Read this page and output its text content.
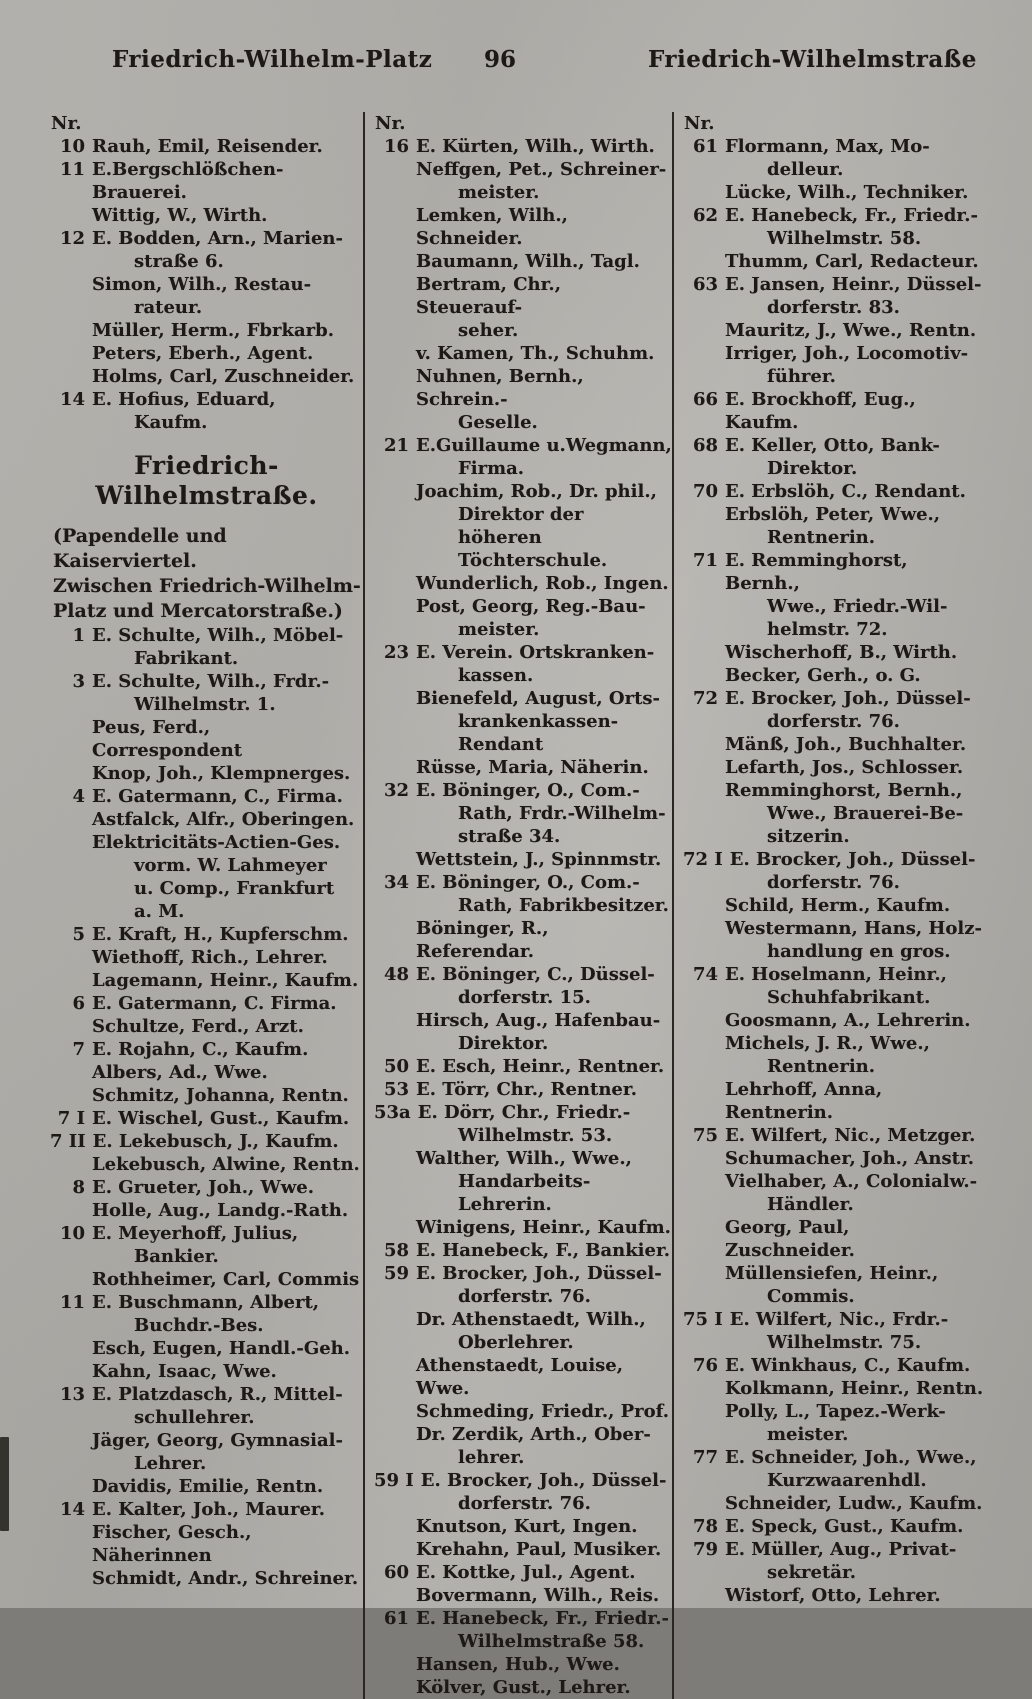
Friedrich-Wilhelm-Platz	96	Friedrich-Wilhelmstraße
Nr.
10 Rauh, Emil, Reisender.
11 E.Bergschlößchen-Brauerei.
Wittig, W., Wirth.
12 E. Bodden, Arn., Marien-
straße 6.
Simon, Wilh., Restau-
rateur.
Müller, Herm., Fbrkarb.
Peters, Eberh., Agent.
Holms, Carl, Zuschneider.
14 E. Hofius, Eduard,
Kaufm.
Friedrich-Wilhelmstraße.
(Papendelle und Kaiserviertel.
Zwischen Friedrich-Wilhelm-
Platz und Mercatorstraße.)
1 E. Schulte, Wilh., Möbel-
Fabrikant.
3 E. Schulte, Wilh., Frdr.-
Wilhelmstr. 1.
Peus, Ferd., Correspondent
Knop, Joh., Klempnerges.
4 E. Gatermann, C., Firma.
Astfalck, Alfr., Oberingen.
Elektricitäts-Actien-Ges.
vorm. W. Lahmeyer
u. Comp., Frankfurt
a. M.
5 E. Kraft, H., Kupferschm.
Wiethoff, Rich., Lehrer.
Lagemann, Heinr., Kaufm.
6 E. Gatermann, C. Firma.
Schultze, Ferd., Arzt.
7 E. Rojahn, C., Kaufm.
Albers, Ad., Wwe.
Schmitz, Johanna, Rentn.
7 I E. Wischel, Gust., Kaufm.
7 II E. Lekebusch, J., Kaufm.
Lekebusch, Alwine, Rentn.
8 E. Grueter, Joh., Wwe.
Holle, Aug., Landg.-Rath.
10 E. Meyerhoff, Julius,
Bankier.
Rothheimer, Carl, Commis
11 E. Buschmann, Albert,
Buchdr.-Bes.
Esch, Eugen, Handl.-Geh.
Kahn, Isaac, Wwe.
13 E. Platzdasch, R., Mittel-
schullehrer.
Jäger, Georg, Gymnasial-
Lehrer.
Davidis, Emilie, Rentn.
14 E. Kalter, Joh., Maurer.
Fischer, Gesch., Näherinnen
Schmidt, Andr., Schreiner.
Nr.
16 E. Kürten, Wilh., Wirth.
Neffgen, Pet., Schreiner-
meister.
Lemken, Wilh., Schneider.
Baumann, Wilh., Tagl.
Bertram, Chr., Steuerauf-
seher.
v. Kamen, Th., Schuhm.
Nuhnen, Bernh., Schrein.-
Geselle.
21 E.Guillaume u.Wegmann,
Firma.
Joachim, Rob., Dr. phil.,
Direktor der höheren
Töchterschule.
Wunderlich, Rob., Ingen.
Post, Georg, Reg.-Bau-
meister.
23 E. Verein. Ortskranken-
kassen.
Bienefeld, August, Orts-
krankenkassen-Rendant
Rüsse, Maria, Näherin.
32 E. Böninger, O., Com.-
Rath, Frdr.-Wilhelm-
straße 34.
Wettstein, J., Spinnmstr.
34 E. Böninger, O., Com.-
Rath, Fabrikbesitzer.
Böninger, R., Referendar.
48 E. Böninger, C., Düssel-
dorferstr. 15.
Hirsch, Aug., Hafenbau-
Direktor.
50 E. Esch, Heinr., Rentner.
53 E. Törr, Chr., Rentner.
53a E. Dörr, Chr., Friedr.-
Wilhelmstr. 53.
Walther, Wilh., Wwe.,
Handarbeits-Lehrerin.
Winigens, Heinr., Kaufm.
58 E. Hanebeck, F., Bankier.
59 E. Brocker, Joh., Düssel-
dorferstr. 76.
Dr. Athenstaedt, Wilh.,
Oberlehrer.
Athenstaedt, Louise, Wwe.
Schmeding, Friedr., Prof.
Dr. Zerdik, Arth., Ober-
lehrer.
59 I E. Brocker, Joh., Düssel-
dorferstr. 76.
Knutson, Kurt, Ingen.
Krehahn, Paul, Musiker.
60 E. Kottke, Jul., Agent.
Bovermann, Wilh., Reis.
61 E. Hanebeck, Fr., Friedr.-
Wilhelmstraße 58.
Hansen, Hub., Wwe.
Kölver, Gust., Lehrer.
Nr.
61 Flormann, Max, Mo-
delleur.
Lücke, Wilh., Techniker.
62 E. Hanebeck, Fr., Friedr.-
Wilhelmstr. 58.
Thumm, Carl, Redacteur.
63 E. Jansen, Heinr., Düssel-
dorferstr. 83.
Mauritz, J., Wwe., Rentn.
Irriger, Joh., Locomotiv-
führer.
66 E. Brockhoff, Eug., Kaufm.
68 E. Keller, Otto, Bank-
Direktor.
70 E. Erbslöh, C., Rendant.
Erbslöh, Peter, Wwe.,
Rentnerin.
71 E. Remminghorst, Bernh.,
Wwe., Friedr.-Wil-
helmstr. 72.
Wischerhoff, B., Wirth.
Becker, Gerh., o. G.
72 E. Brocker, Joh., Düssel-
dorferstr. 76.
Mänß, Joh., Buchhalter.
Lefarth, Jos., Schlosser.
Remminghorst, Bernh.,
Wwe., Brauerei-Be-
sitzerin.
72 I E. Brocker, Joh., Düssel-
dorferstr. 76.
Schild, Herm., Kaufm.
Westermann, Hans, Holz-
handlung en gros.
74 E. Hoselmann, Heinr.,
Schuhfabrikant.
Goosmann, A., Lehrerin.
Michels, J. R., Wwe.,
Rentnerin.
Lehrhoff, Anna, Rentnerin.
75 E. Wilfert, Nic., Metzger.
Schumacher, Joh., Anstr.
Vielhaber, A., Colonialw.-
Händler.
Georg, Paul, Zuschneider.
Müllensiefen, Heinr.,
Commis.
75 I E. Wilfert, Nic., Frdr.-
Wilhelmstr. 75.
76 E. Winkhaus, C., Kaufm.
Kolkmann, Heinr., Rentn.
Polly, L., Tapez.-Werk-
meister.
77 E. Schneider, Joh., Wwe.,
Kurzwaarenhdl.
Schneider, Ludw., Kaufm.
78 E. Speck, Gust., Kaufm.
79 E. Müller, Aug., Privat-
sekretär.
Wistorf, Otto, Lehrer.
